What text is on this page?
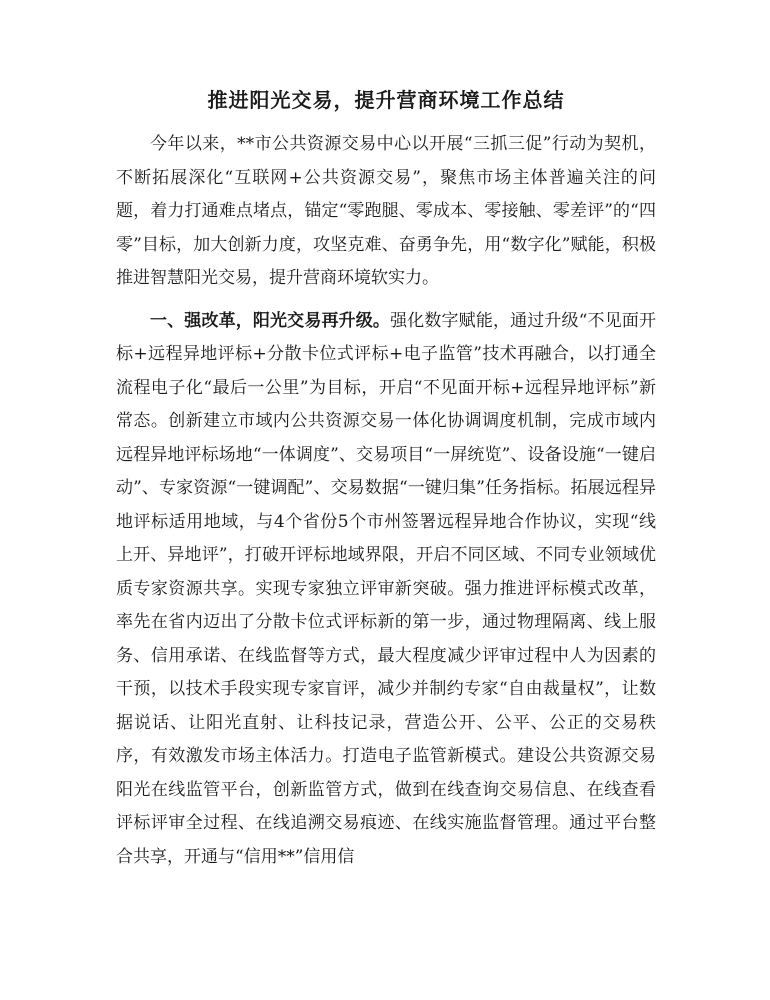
推进阳光交易，提升营商环境工作总结

今年以来，**市公共资源交易中心以开展“三抓三促”行动为契机，不断拓展深化“互联网+公共资源交易”，聚焦市场主体普遍关注的问题，着力打通难点堵点，锚定“零跑腿、零成本、零接触、零差评”的“四零”目标，加大创新力度，攻坚克难、奋勇争先，用“数字化”赋能，积极推进智慧阳光交易，提升营商环境软实力。

一、强改革，阳光交易再升级。强化数字赋能，通过升级“不见面开标+远程异地评标+分散卡位式评标+电子监管”技术再融合，以打通全流程电子化“最后一公里”为目标，开启“不见面开标+远程异地评标”新常态。创新建立市域内公共资源交易一体化协调调度机制，完成市域内远程异地评标场地“一体调度”、交易项目“一屏统览”、设备设施“一键启动”、专家资源“一键调配”、交易数据“一键归集”任务指标。拓展远程异地评标适用地域，与4个省份5个市州签署远程异地合作协议，实现“线上开、异地评”，打破开评标地域界限，开启不同区域、不同专业领域优质专家资源共享。实现专家独立评审新突破。强力推进评标模式改革，率先在省内迈出了分散卡位式评标新的第一步，通过物理隔离、线上服务、信用承诺、在线监督等方式，最大程度减少评审过程中人为因素的干预，以技术手段实现专家盲评，减少并制约专家“自由裁量权”，让数据说话、让阳光直射、让科技记录，营造公开、公平、公正的交易秩序，有效激发市场主体活力。打造电子监管新模式。建设公共资源交易阳光在线监管平台，创新监管方式，做到在线查询交易信息、在线查看评标评审全过程、在线追溯交易痕迹、在线实施监督管理。通过平台整合共享，开通与“信用**”信用信
